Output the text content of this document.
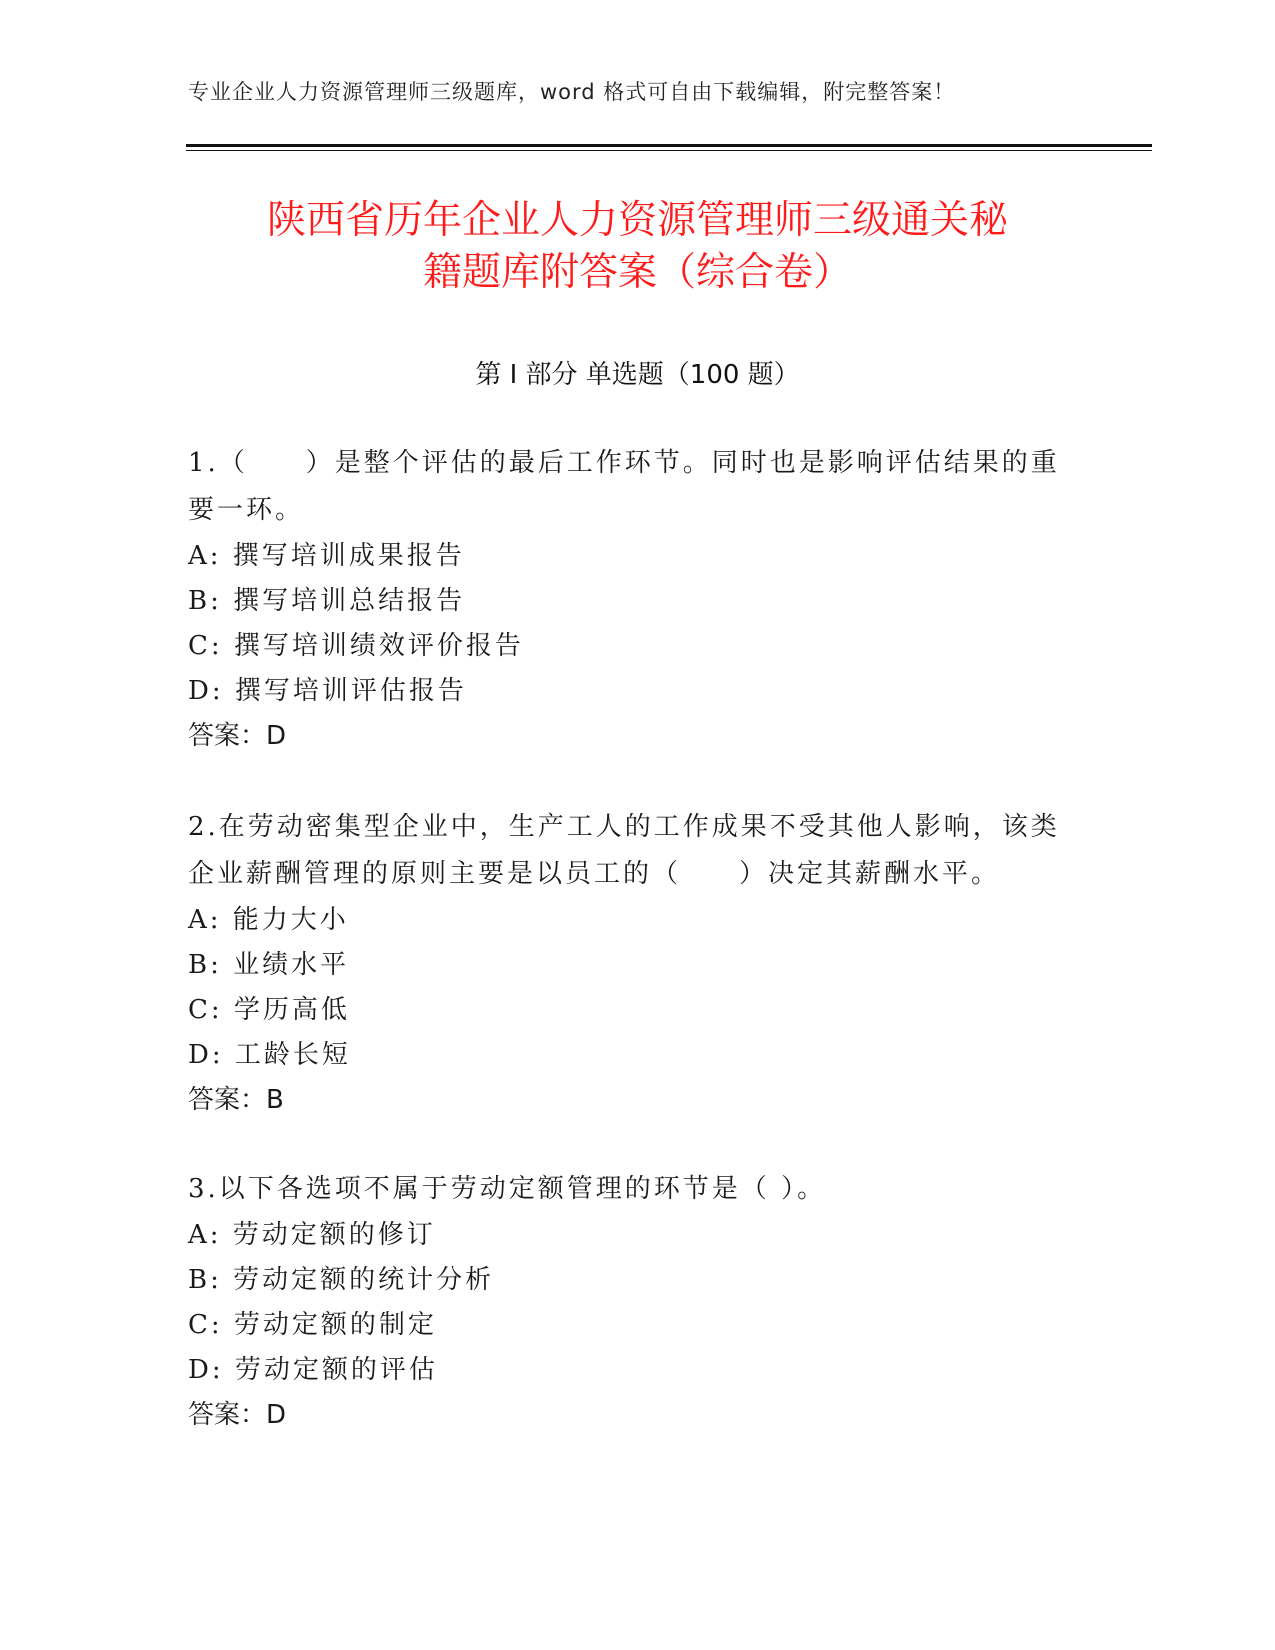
专业企业人力资源管理师三级题库，word 格式可自由下载编辑，附完整答案！
陕西省历年企业人力资源管理师三级通关秘
籍题库附答案（综合卷）
第 I 部分 单选题（100 题）

1.（　　）是整个评估的最后工作环节。同时也是影响评估结果的重要一环。

A: 撰写培训成果报告

B: 撰写培训总结报告

C: 撰写培训绩效评价报告

D: 撰写培训评估报告

答案：D

2.在劳动密集型企业中，生产工人的工作成果不受其他人影响，该类企业薪酬管理的原则主要是以员工的（　　）决定其薪酬水平。

A: 能力大小

B: 业绩水平

C: 学历高低

D: 工龄长短

答案：B

3.以下各选项不属于劳动定额管理的环节是（ ）。

A: 劳动定额的修订

B: 劳动定额的统计分析

C: 劳动定额的制定

D: 劳动定额的评估

答案：D
